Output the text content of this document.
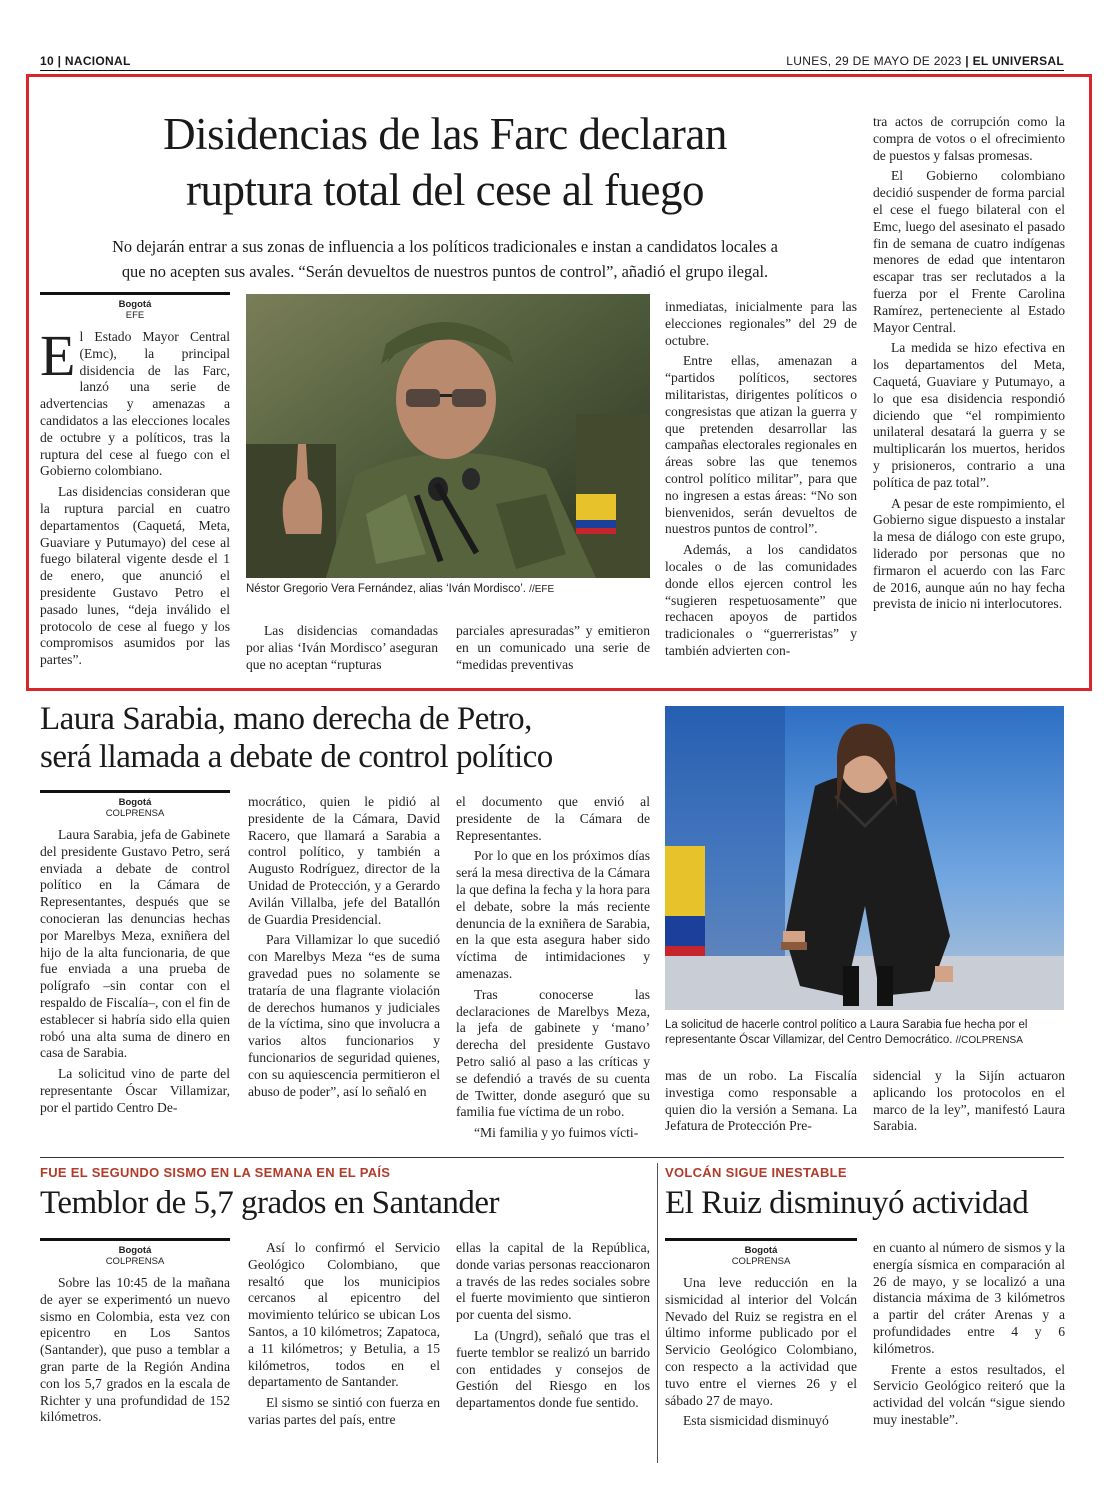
10 | NACIONAL	LUNES, 29 DE MAYO DE 2023 | EL UNIVERSAL
Disidencias de las Farc declaran
ruptura total del cese al fuego
No dejarán entrar a sus zonas de influencia a los políticos tradicionales e instan a candidatos locales a
que no acepten sus avales. “Serán devueltos de nuestros puntos de control”, añadió el grupo ilegal.
Bogotá
EFE

El Estado Mayor Central (Emc), la principal disidencia de las Farc, lanzó una serie de advertencias y amenazas a candidatos a las elecciones locales de octubre y a políticos, tras la ruptura del cese al fuego con el Gobierno colombiano.

Las disidencias consideran que la ruptura parcial en cuatro departamentos (Caquetá, Meta, Guaviare y Putumayo) del cese al fuego bilateral vigente desde el 1 de enero, que anunció el presidente Gustavo Petro el pasado lunes, “deja inválido el protocolo de cese al fuego y los compromisos asumidos por las partes”.

Néstor Gregorio Vera Fernández, alias ‘Iván Mordisco’. //EFE

Las disidencias comandadas por alias ‘Iván Mordisco’ aseguran que no aceptan “rupturas

parciales apresuradas” y emitieron en un comunicado una serie de “medidas preventivas

inmediatas, inicialmente para las elecciones regionales” del 29 de octubre.

Entre ellas, amenazan a “partidos políticos, sectores militaristas, dirigentes políticos o congresistas que atizan la guerra y que pretenden desarrollar las campañas electorales regionales en áreas sobre las que tenemos control político militar”, para que no ingresen a estas áreas: “No son bienvenidos, serán devueltos de nuestros puntos de control”.

Además, a los candidatos locales o de las comunidades donde ellos ejercen control les “sugieren respetuosamente” que rechacen apoyos de partidos tradicionales o “guerreristas” y también advierten con-

tra actos de corrupción como la compra de votos o el ofrecimiento de puestos y falsas promesas.

El Gobierno colombiano decidió suspender de forma parcial el cese el fuego bilateral con el Emc, luego del asesinato el pasado fin de semana de cuatro indígenas menores de edad que intentaron escapar tras ser reclutados a la fuerza por el Frente Carolina Ramírez, perteneciente al Estado Mayor Central.

La medida se hizo efectiva en los departamentos del Meta, Caquetá, Guaviare y Putumayo, a lo que esa disidencia respondió diciendo que “el rompimiento unilateral desatará la guerra y se multiplicarán los muertos, heridos y prisioneros, contrario a una política de paz total”.

A pesar de este rompimiento, el Gobierno sigue dispuesto a instalar la mesa de diálogo con este grupo, liderado por personas que no firmaron el acuerdo con las Farc de 2016, aunque aún no hay fecha prevista de inicio ni interlocutores.

Laura Sarabia, mano derecha de Petro,
será llamada a debate de control político
Bogotá
COLPRENSA

Laura Sarabia, jefa de Gabinete del presidente Gustavo Petro, será enviada a debate de control político en la Cámara de Representantes, después que se conocieran las denuncias hechas por Marelbys Meza, exniñera del hijo de la alta funcionaria, de que fue enviada a una prueba de polígrafo –sin contar con el respaldo de Fiscalía–, con el fin de establecer si habría sido ella quien robó una alta suma de dinero en casa de Sarabia.

La solicitud vino de parte del representante Óscar Villamizar, por el partido Centro De-

mocrático, quien le pidió al presidente de la Cámara, David Racero, que llamará a Sarabia a control político, y también a Augusto Rodríguez, director de la Unidad de Protección, y a Gerardo Avilán Villalba, jefe del Batallón de Guardia Presidencial.

Para Villamizar lo que sucedió con Marelbys Meza “es de suma gravedad pues no solamente se trataría de una flagrante violación de derechos humanos y judiciales de la víctima, sino que involucra a varios altos funcionarios y funcionarios de seguridad quienes, con su aquiescencia permitieron el abuso de poder”, así lo señaló en

el documento que envió al presidente de la Cámara de Representantes.

Por lo que en los próximos días será la mesa directiva de la Cámara la que defina la fecha y la hora para el debate, sobre la más reciente denuncia de la exniñera de Sarabia, en la que esta asegura haber sido víctima de intimidaciones y amenazas.

Tras conocerse las declaraciones de Marelbys Meza, la jefa de gabinete y ‘mano’ derecha del presidente Gustavo Petro salió al paso a las críticas y se defendió a través de su cuenta de Twitter, donde aseguró que su familia fue víctima de un robo.

“Mi familia y yo fuimos vícti-

La solicitud de hacerle control político a Laura Sarabia fue hecha por el representante Óscar Villamizar, del Centro Democrático. //COLPRENSA

mas de un robo. La Fiscalía investiga como responsable a quien dio la versión a Semana. La Jefatura de Protección Pre-

sidencial y la Sijín actuaron aplicando los protocolos en el marco de la ley”, manifestó Laura Sarabia.

FUE EL SEGUNDO SISMO EN LA SEMANA EN EL PAÍS
Temblor de 5,7 grados en Santander
Bogotá
COLPRENSA

Sobre las 10:45 de la mañana de ayer se experimentó un nuevo sismo en Colombia, esta vez con epicentro en Los Santos (Santander), que puso a temblar a gran parte de la Región Andina con los 5,7 grados en la escala de Richter y una profundidad de 152 kilómetros.

Así lo confirmó el Servicio Geológico Colombiano, que resaltó que los municipios cercanos al epicentro del movimiento telúrico se ubican Los Santos, a 10 kilómetros; Zapatoca, a 11 kilómetros; y Betulia, a 15 kilómetros, todos en el departamento de Santander.

El sismo se sintió con fuerza en varias partes del país, entre

ellas la capital de la República, donde varias personas reaccionaron a través de las redes sociales sobre el fuerte movimiento que sintieron por cuenta del sismo.

La (Ungrd), señaló que tras el fuerte temblor se realizó un barrido con entidades y consejos de Gestión del Riesgo en los departamentos donde fue sentido.

VOLCÁN SIGUE INESTABLE
El Ruiz disminuyó actividad
Bogotá
COLPRENSA

Una leve reducción en la sismicidad al interior del Volcán Nevado del Ruiz se registra en el último informe publicado por el Servicio Geológico Colombiano, con respecto a la actividad que tuvo entre el viernes 26 y el sábado 27 de mayo.

Esta sismicidad disminuyó

en cuanto al número de sismos y la energía sísmica en comparación al 26 de mayo, y se localizó a una distancia máxima de 3 kilómetros a partir del cráter Arenas y a profundidades entre 4 y 6 kilómetros.

Frente a estos resultados, el Servicio Geológico reiteró que la actividad del volcán “sigue siendo muy inestable”.
